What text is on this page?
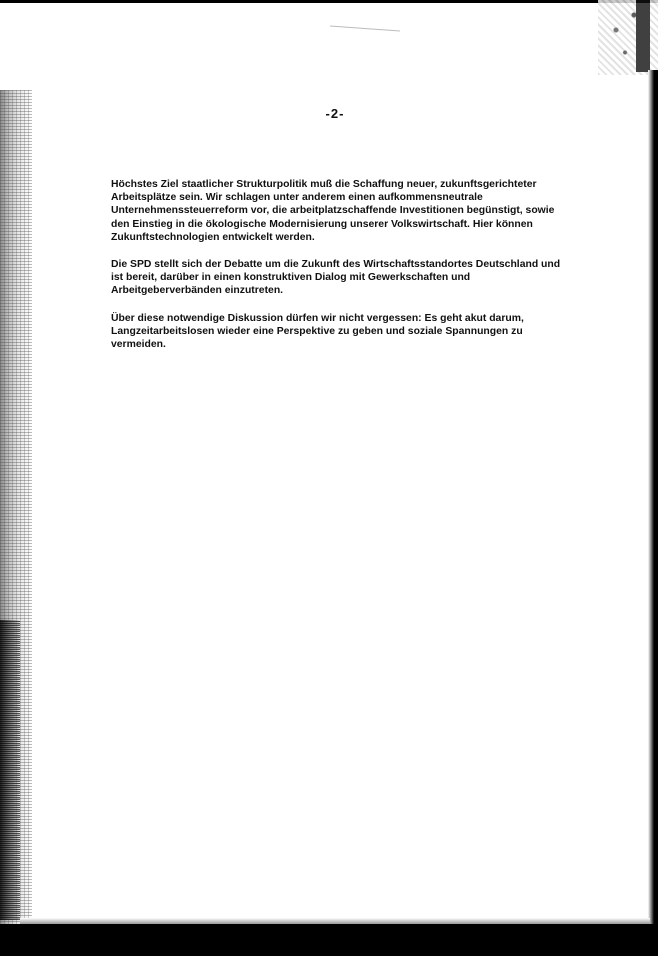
-2-

Höchstes Ziel staatlicher Strukturpolitik muß die Schaffung neuer, zukunftsgerichteter
Arbeitsplätze sein. Wir schlagen unter anderem einen aufkommensneutrale
Unternehmenssteuerreform vor, die arbeitplatzschaffende Investitionen begünstigt, sowie
den Einstieg in die ökologische Modernisierung unserer Volkswirtschaft. Hier können
Zukunftstechnologien entwickelt werden.

Die SPD stellt sich der Debatte um die Zukunft des Wirtschaftsstandortes Deutschland und
ist bereit, darüber in einen konstruktiven Dialog mit Gewerkschaften und
Arbeitgeberverbänden einzutreten.

Über diese notwendige Diskussion dürfen wir nicht vergessen: Es geht akut darum,
Langzeitarbeitslosen wieder eine Perspektive zu geben und soziale Spannungen zu
vermeiden.
